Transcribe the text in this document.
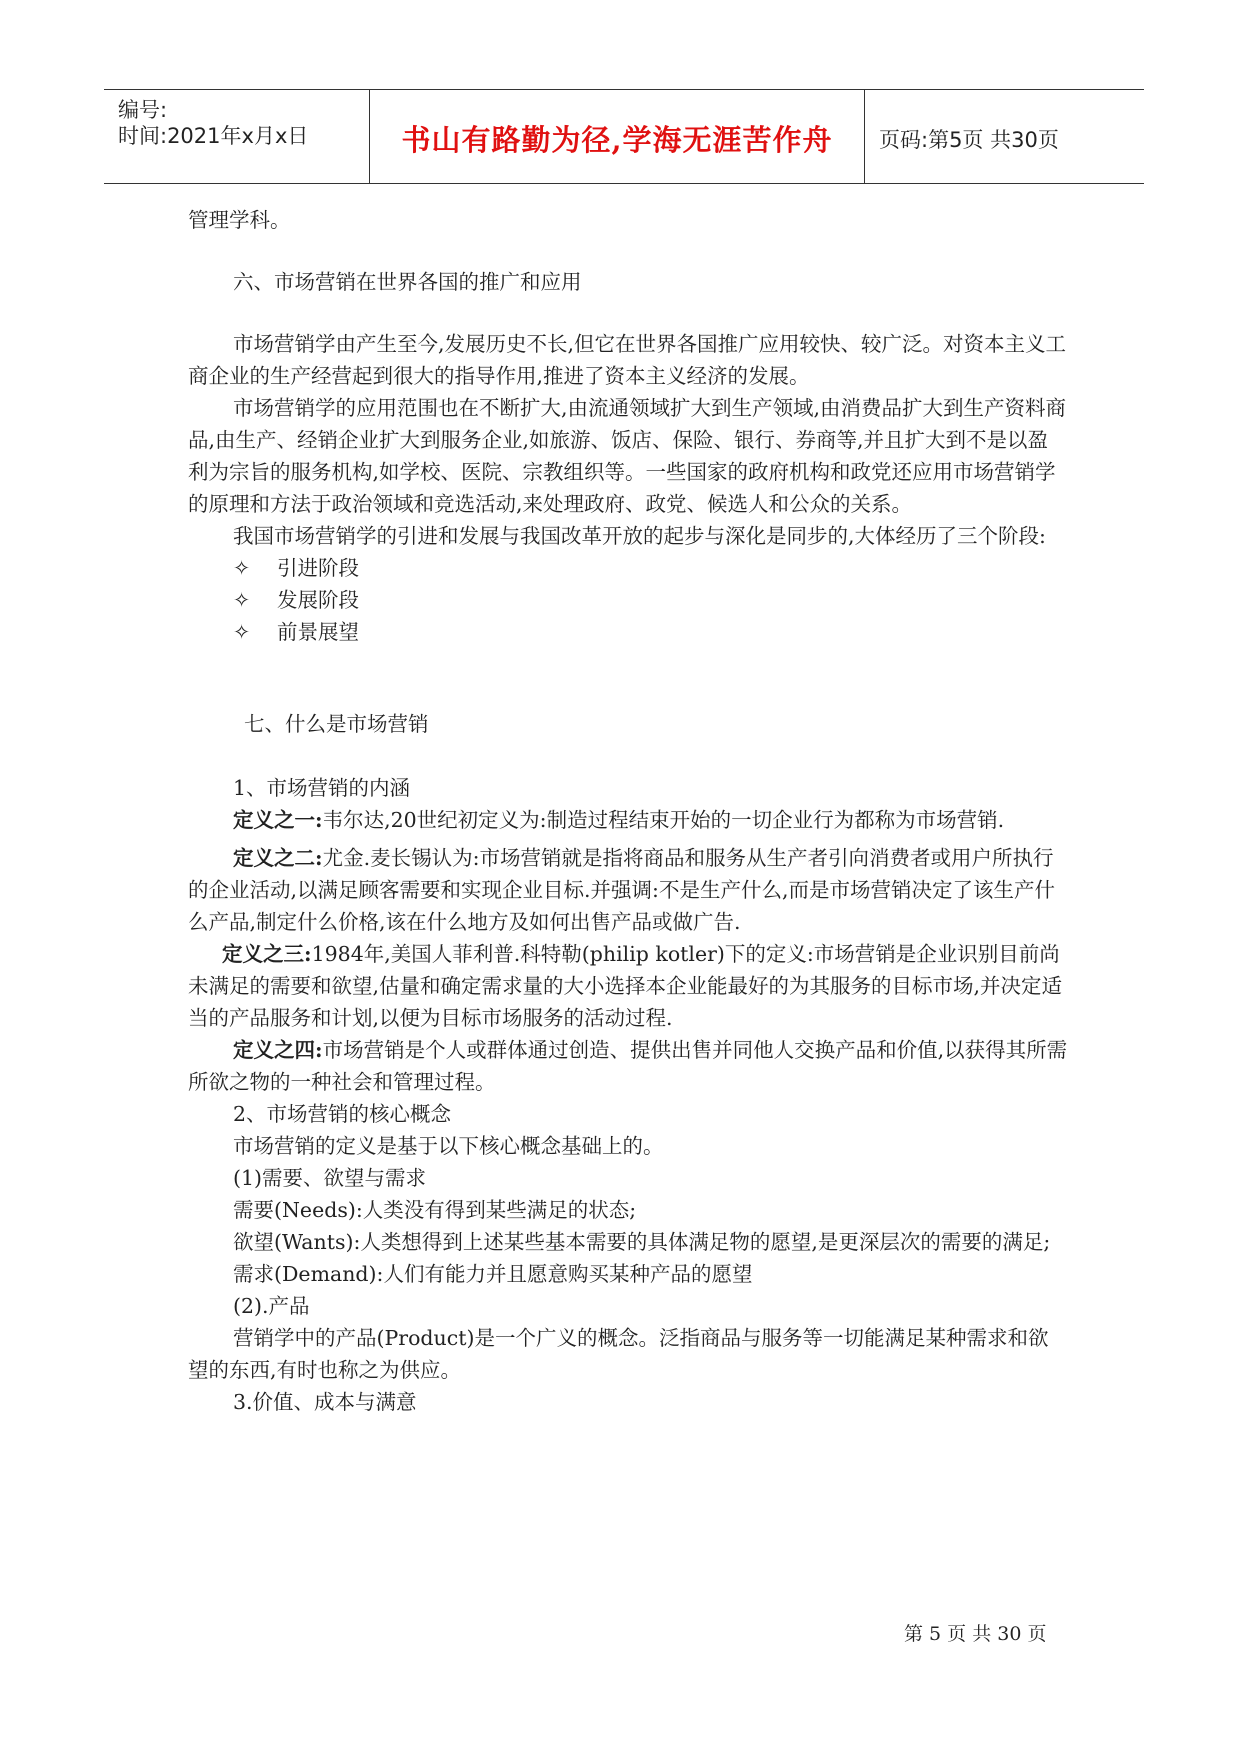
编号:
时间:2021年x月x日	书山有路勤为径,学海无涯苦作舟	页码:第5页 共30页

管理学科。

六、市场营销在世界各国的推广和应用

市场营销学由产生至今,发展历史不长,但它在世界各国推广应用较快、较广泛。对资本主义工商企业的生产经营起到很大的指导作用,推进了资本主义经济的发展。

市场营销学的应用范围也在不断扩大,由流通领域扩大到生产领域,由消费品扩大到生产资料商品,由生产、经销企业扩大到服务企业,如旅游、饭店、保险、银行、券商等,并且扩大到不是以盈利为宗旨的服务机构,如学校、医院、宗教组织等。一些国家的政府机构和政党还应用市场营销学的原理和方法于政治领域和竞选活动,来处理政府、政党、候选人和公众的关系。

我国市场营销学的引进和发展与我国改革开放的起步与深化是同步的,大体经历了三个阶段:

✧ 引进阶段

✧ 发展阶段

✧ 前景展望

七、什么是市场营销

1、市场营销的内涵

定义之一:韦尔达,20世纪初定义为:制造过程结束开始的一切企业行为都称为市场营销.

定义之二:尤金.麦长锡认为:市场营销就是指将商品和服务从生产者引向消费者或用户所执行的企业活动,以满足顾客需要和实现企业目标.并强调:不是生产什么,而是市场营销决定了该生产什么产品,制定什么价格,该在什么地方及如何出售产品或做广告.

定义之三:1984年,美国人菲利普.科特勒(philip kotler)下的定义:市场营销是企业识别目前尚未满足的需要和欲望,估量和确定需求量的大小选择本企业能最好的为其服务的目标市场,并决定适当的产品服务和计划,以便为目标市场服务的活动过程.

定义之四:市场营销是个人或群体通过创造、提供出售并同他人交换产品和价值,以获得其所需所欲之物的一种社会和管理过程。

2、市场营销的核心概念

市场营销的定义是基于以下核心概念基础上的。

(1)需要、欲望与需求

需要(Needs):人类没有得到某些满足的状态;

欲望(Wants):人类想得到上述某些基本需要的具体满足物的愿望,是更深层次的需要的满足;

需求(Demand):人们有能力并且愿意购买某种产品的愿望

(2).产品

营销学中的产品(Product)是一个广义的概念。泛指商品与服务等一切能满足某种需求和欲望的东西,有时也称之为供应。

3.价值、成本与满意

第 5 页 共 30 页
